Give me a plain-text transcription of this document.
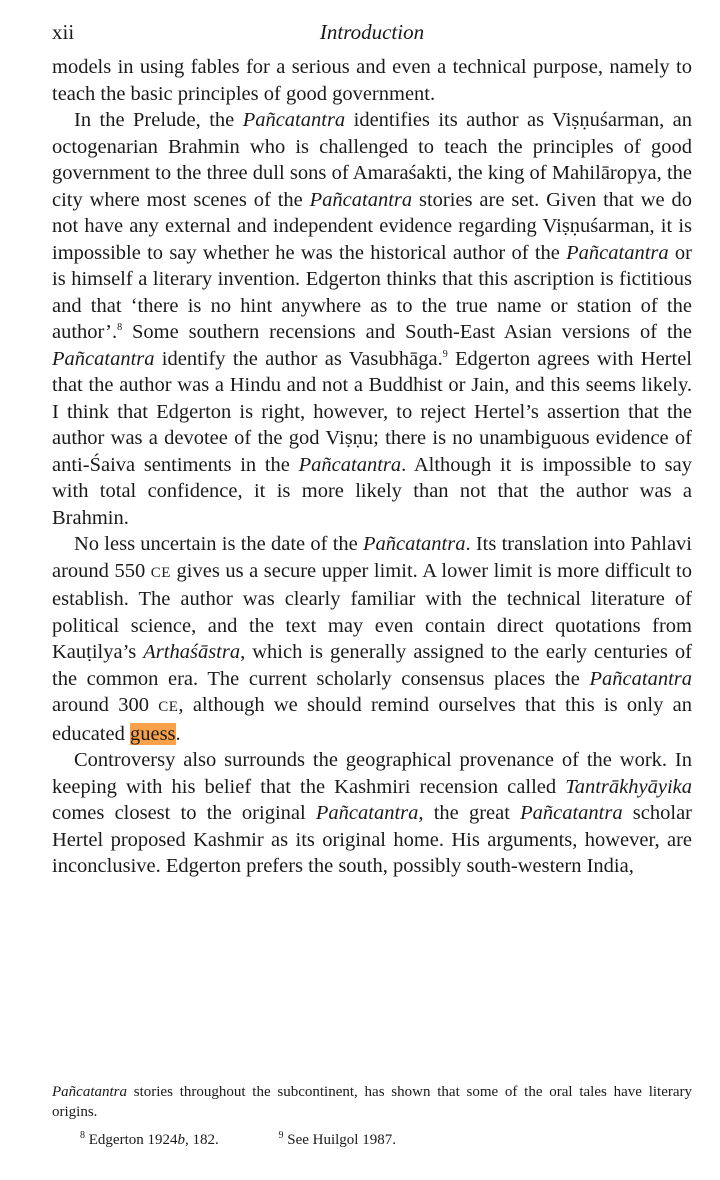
xii	Introduction

models in using fables for a serious and even a technical purpose, namely to teach the basic principles of good government.

In the Prelude, the Pañcatantra identifies its author as Viṣṇuśarman, an octogenarian Brahmin who is challenged to teach the principles of good government to the three dull sons of Amaraśakti, the king of Mahilāropya, the city where most scenes of the Pañcatantra stories are set. Given that we do not have any external and independent evidence regarding Viṣṇuśarman, it is impossible to say whether he was the historical author of the Pañcatantra or is himself a literary invention. Edgerton thinks that this ascription is fictitious and that ‘there is no hint anywhere as to the true name or station of the author’.$^8$ Some southern recensions and South-East Asian versions of the Pañcatantra identify the author as Vasubhāga.$^9$ Edgerton agrees with Hertel that the author was a Hindu and not a Buddhist or Jain, and this seems likely. I think that Edgerton is right, however, to reject Hertel’s assertion that the author was a devotee of the god Viṣṇu; there is no unambiguous evidence of anti-Śaiva sentiments in the Pañcatantra. Although it is impossible to say with total confidence, it is more likely than not that the author was a Brahmin.

No less uncertain is the date of the Pañcatantra. Its translation into Pahlavi around 550 CE gives us a secure upper limit. A lower limit is more difficult to establish. The author was clearly familiar with the technical literature of political science, and the text may even contain direct quotations from Kauṭilya’s Arthaśāstra, which is generally assigned to the early centuries of the common era. The current scholarly consensus places the Pañcatantra around 300 CE, although we should remind ourselves that this is only an educated guess.

Controversy also surrounds the geographical provenance of the work. In keeping with his belief that the Kashmiri recension called Tantrākhyāyika comes closest to the original Pañcatantra, the great Pañcatantra scholar Hertel proposed Kashmir as its original home. His arguments, however, are inconclusive. Edgerton prefers the south, possibly south-western India,

Pañcatantra stories throughout the subcontinent, has shown that some of the oral tales have literary origins.

$^8$ Edgerton 1924b, 182.	$^9$ See Huilgol 1987.
